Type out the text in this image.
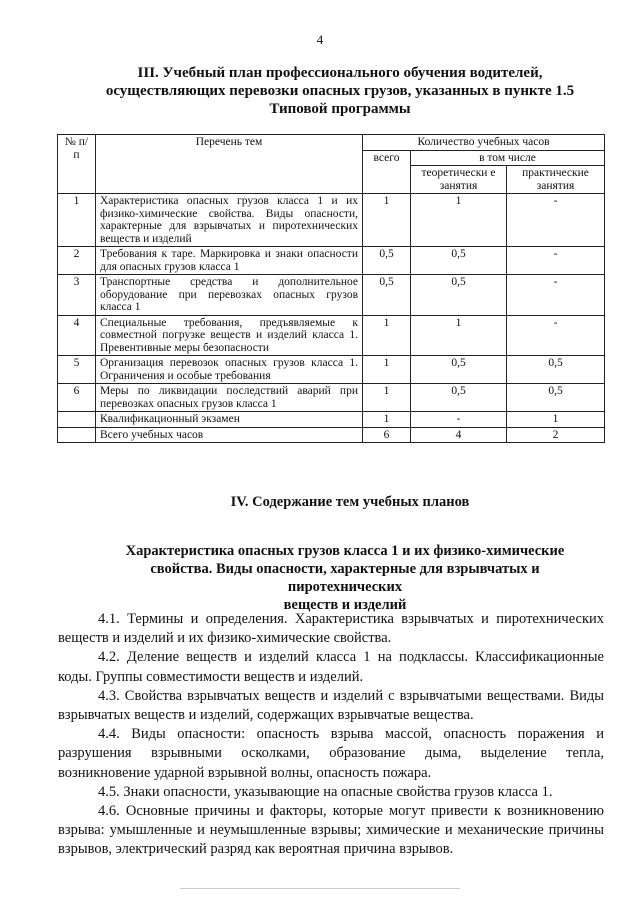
4
III. Учебный план профессионального обучения водителей,
осуществляющих перевозки опасных грузов, указанных в пункте 1.5
Типовой программы
№ п/п	Перечень тем	Количество учебных часов		
		всего	в том числе	
			теоретически е занятия	практические занятия
1	Характеристика опасных грузов класса 1 и их физико-химические свойства. Виды опасности, характерные для взрывчатых и пиротехнических веществ и изделий	1	1	-
2	Требования к таре. Маркировка и знаки опасности для опасных грузов класса 1	0,5	0,5	-
3	Транспортные средства и дополнительное оборудование при перевозках опасных грузов класса 1	0,5	0,5	-
4	Специальные требования, предъявляемые к совместной погрузке веществ и изделий класса 1. Превентивные меры безопасности	1	1	-
5	Организация перевозок опасных грузов класса 1. Ограничения и особые требования	1	0,5	0,5
6	Меры по ликвидации последствий аварий при перевозках опасных грузов класса 1	1	0,5	0,5
	Квалификационный экзамен	1	-	1
	Всего учебных часов	6	4	2
IV. Содержание тем учебных планов
Характеристика опасных грузов класса 1 и их физико-химические
свойства. Виды опасности, характерные для взрывчатых и пиротехнических
веществ и изделий

4.1. Термины и определения. Характеристика взрывчатых и пиротехнических веществ и изделий и их физико-химические свойства.

4.2. Деление веществ и изделий класса 1 на подклассы. Классификационные коды. Группы совместимости веществ и изделий.

4.3. Свойства взрывчатых веществ и изделий с взрывчатыми веществами. Виды взрывчатых веществ и изделий, содержащих взрывчатые вещества.

4.4. Виды опасности: опасность взрыва массой, опасность поражения и разрушения взрывными осколками, образование дыма, выделение тепла, возникновение ударной взрывной волны, опасность пожара.

4.5. Знаки опасности, указывающие на опасные свойства грузов класса 1.

4.6. Основные причины и факторы, которые могут привести к возникновению взрыва: умышленные и неумышленные взрывы; химические и механические причины взрывов, электрический разряд как вероятная причина взрывов.
